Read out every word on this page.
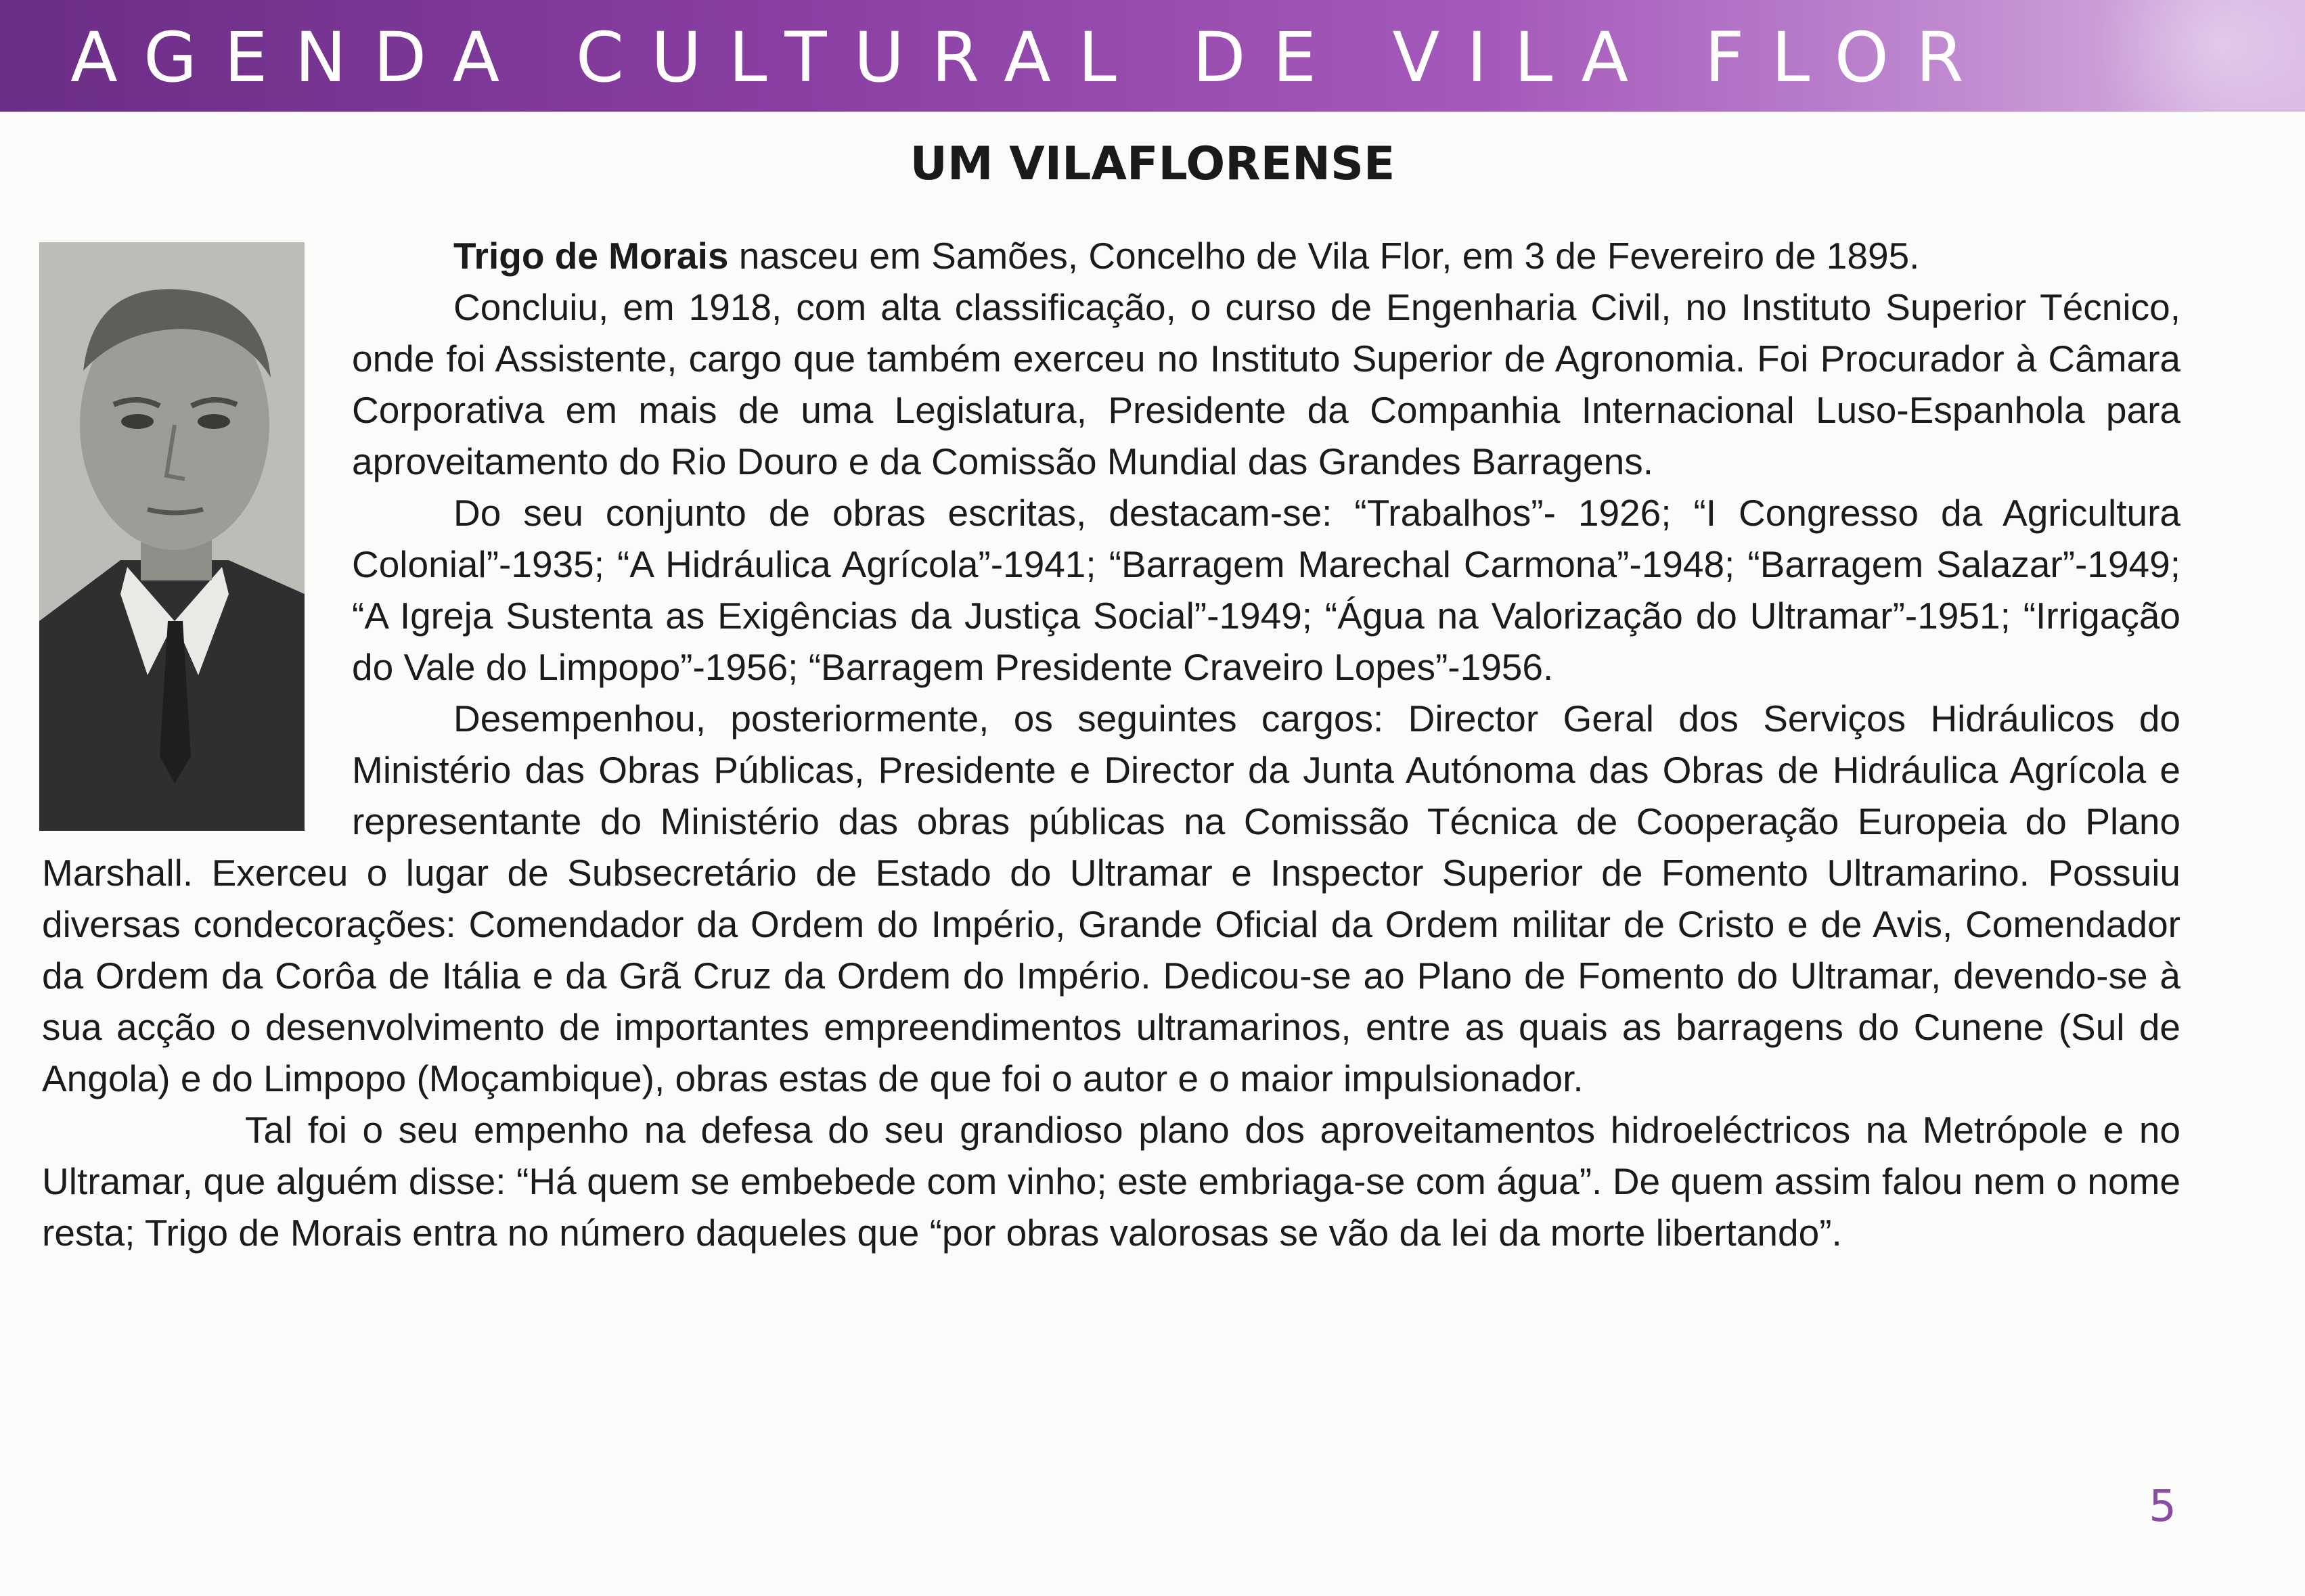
AGENDA CULTURAL DE VILA FLOR
UM VILAFLORENSE

Trigo de Morais nasceu em Samões, Concelho de Vila Flor, em 3 de Fevereiro de 1895.

Concluiu, em 1918, com alta classificação, o curso de Engenharia Civil, no Instituto Superior Técnico, onde foi Assistente, cargo que também exerceu no Instituto Superior de Agronomia. Foi Procurador à Câmara Corporativa em mais de uma Legislatura, Presidente da Companhia Internacional Luso-Espanhola para aproveitamento do Rio Douro e da Comissão Mundial das Grandes Barragens.

Do seu conjunto de obras escritas, destacam-se: “Trabalhos”- 1926; “I Congresso da Agricultura Colonial”-1935; “A Hidráulica Agrícola”-1941; “Barragem Marechal Carmona”-1948; “Barragem Salazar”-1949; “A Igreja Sustenta as Exigências da Justiça Social”-1949; “Água na Valorização do Ultramar”-1951; “Irrigação do Vale do Limpopo”-1956; “Barragem Presidente Craveiro Lopes”-1956.

Desempenhou, posteriormente, os seguintes cargos: Director Geral dos Serviços Hidráulicos do Ministério das Obras Públicas, Presidente e Director da Junta Autónoma das Obras de Hidráulica Agrícola e representante do Ministério das obras públicas na Comissão Técnica de Cooperação Europeia do Plano Marshall. Exerceu o lugar de Subsecretário de Estado do Ultramar e Inspector Superior de Fomento Ultramarino. Possuiu diversas condecorações: Comendador da Ordem do Império, Grande Oficial da Ordem militar de Cristo e de Avis, Comendador da Ordem da Corôa de Itália e da Grã Cruz da Ordem do Império. Dedicou-se ao Plano de Fomento do Ultramar, devendo-se à sua acção o desenvolvimento de importantes empreendimentos ultramarinos, entre as quais as barragens do Cunene (Sul de Angola) e do Limpopo (Moçambique), obras estas de que foi o autor e o maior impulsionador.

Tal foi o seu empenho na defesa do seu grandioso plano dos aproveitamentos hidroeléctricos na Metrópole e no Ultramar, que alguém disse: “Há quem se embebede com vinho; este embriaga-se com água”. De quem assim falou nem o nome resta; Trigo de Morais entra no número daqueles que “por obras valorosas se vão da lei da morte libertando”.

5
